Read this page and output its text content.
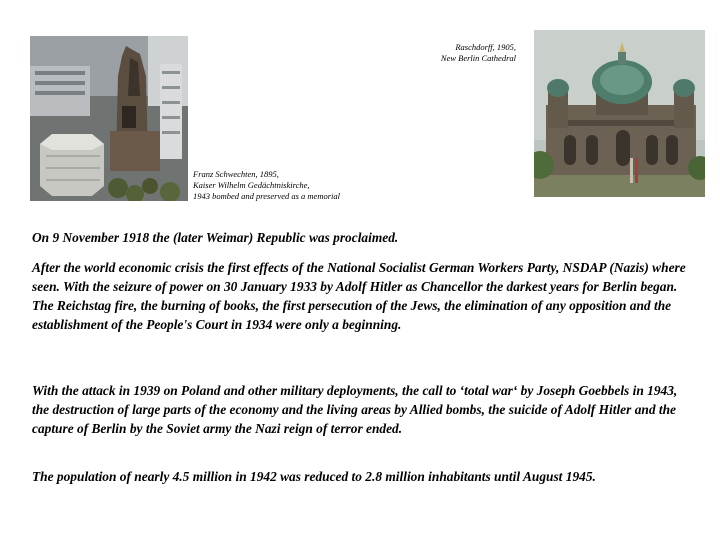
Raschdorff, 1905,
New Berlin Cathedral
Franz Schwechten, 1895,
Kaiser Wilhelm Gedächtniskirche,
1943 bombed and preserved as a memorial
On 9 November 1918 the (later Weimar) Republic was proclaimed.
After the world economic crisis the first effects of the National Socialist German Workers Party, NSDAP (Nazis) where seen. With the seizure of power on 30 January 1933 by Adolf Hitler as Chancellor the darkest years for Berlin began. The Reichstag fire, the burning of books, the first persecution of the Jews, the elimination of any opposition and the establishment of the People's Court in 1934 were only a beginning.
With the attack in 1939 on Poland and other military deployments, the call to ‘total war‘ by Joseph Goebbels in 1943, the destruction of large parts of the economy and the living areas by Allied bombs, the suicide of Adolf Hitler and the capture of Berlin by the Soviet army the Nazi reign of terror ended.
The population of nearly 4.5 million in 1942 was reduced to 2.8 million inhabitants until August 1945.
